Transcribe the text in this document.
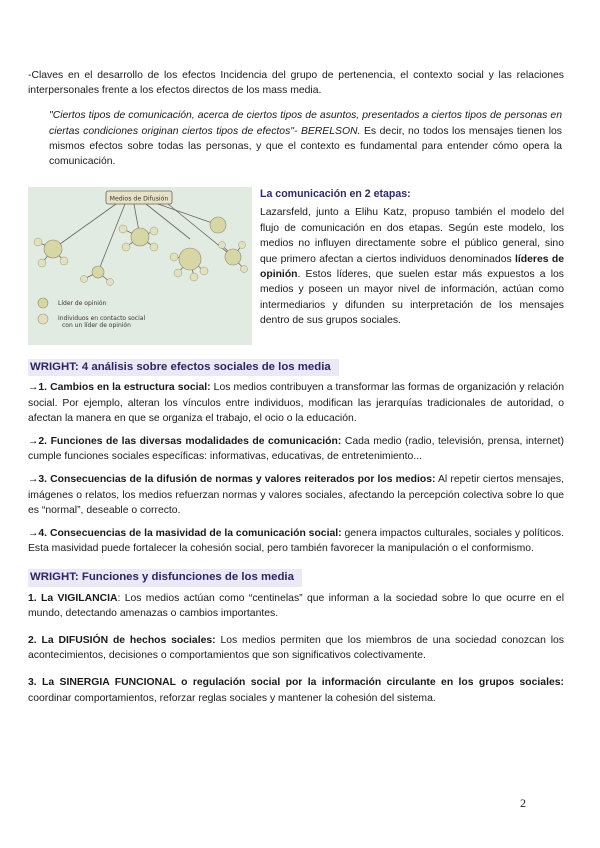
-Claves en el desarrollo de los efectos Incidencia del grupo de pertenencia, el contexto social y las relaciones interpersonales frente a los efectos directos de los mass media.

"Ciertos tipos de comunicación, acerca de ciertos tipos de asuntos, presentados a ciertos tipos de personas en ciertas condiciones originan ciertos tipos de efectos"- BERELSON. Es decir, no todos los mensajes tienen los mismos efectos sobre todas las personas, y que el contexto es fundamental para entender cómo opera la comunicación.

Medios de Difusión
Líder de opinión
Individuos en contacto social
con un líder de opinión
La comunicación en 2 etapas:

Lazarsfeld, junto a Elihu Katz, propuso también el modelo del flujo de comunicación en dos etapas. Según este modelo, los medios no influyen directamente sobre el público general, sino que primero afectan a ciertos individuos denominados líderes de opinión. Estos líderes, que suelen estar más expuestos a los medios y poseen un mayor nivel de información, actúan como intermediarios y difunden su interpretación de los mensajes dentro de sus grupos sociales.

WRIGHT: 4 análisis sobre efectos sociales de los media

→1. Cambios en la estructura social: Los medios contribuyen a transformar las formas de organización y relación social. Por ejemplo, alteran los vínculos entre individuos, modifican las jerarquías tradicionales de autoridad, o afectan la manera en que se organiza el trabajo, el ocio o la educación.

→2. Funciones de las diversas modalidades de comunicación: Cada medio (radio, televisión, prensa, internet) cumple funciones sociales específicas: informativas, educativas, de entretenimiento...

→3. Consecuencias de la difusión de normas y valores reiterados por los medios: Al repetir ciertos mensajes, imágenes o relatos, los medios refuerzan normas y valores sociales, afectando la percepción colectiva sobre lo que es “normal”, deseable o correcto.

→4. Consecuencias de la masividad de la comunicación social: genera impactos culturales, sociales y políticos. Esta masividad puede fortalecer la cohesión social, pero también favorecer la manipulación o el conformismo.

WRIGHT: Funciones y disfunciones de los media

1. La VIGILANCIA: Los medios actúan como “centinelas” que informan a la sociedad sobre lo que ocurre en el mundo, detectando amenazas o cambios importantes.

2. La DIFUSIÓN de hechos sociales: Los medios permiten que los miembros de una sociedad conozcan los acontecimientos, decisiones o comportamientos que son significativos colectivamente.

3. La SINERGIA FUNCIONAL o regulación social por la información circulante en los grupos sociales: coordinar comportamientos, reforzar reglas sociales y mantener la cohesión del sistema.

2
